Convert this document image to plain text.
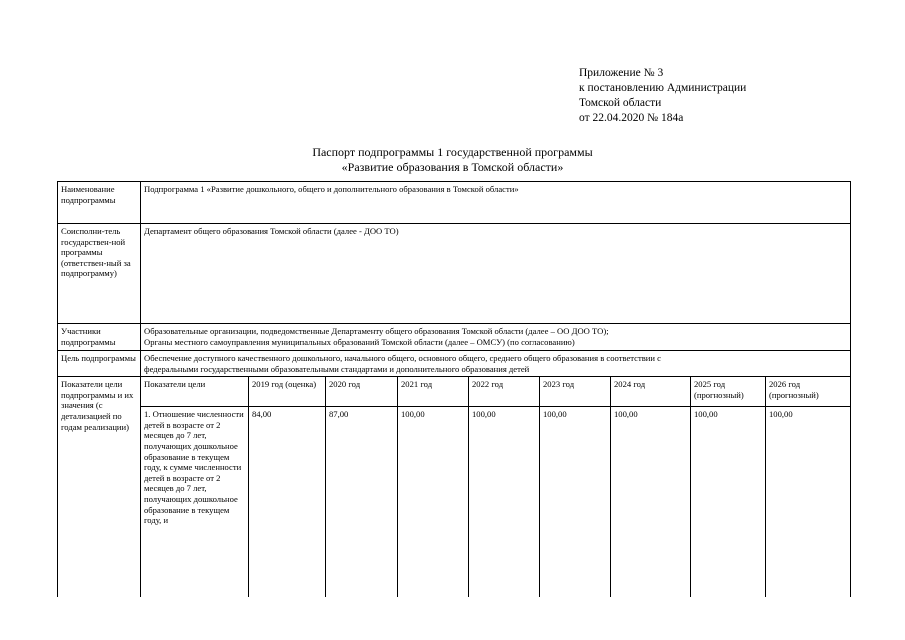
Приложение № 3
к постановлению Администрации
Томской области
от 22.04.2020 № 184а
Паспорт подпрограммы 1 государственной программы
«Развитие образования в Томской области»
Наименование подпрограммы	Подпрограмма 1 «Развитие дошкольного, общего и дополнительного образования в Томской области»								
Соисполни-тель государствен-ной программы (ответствен-ный за подпрограмму)	Департамент общего образования Томской области (далее - ДОО ТО)								
Участники подпрограммы	Образовательные организации, подведомственные Департаменту общего образования Томской области (далее – ОО ДОО ТО);
Органы местного самоуправления муниципальных образований Томской области (далее – ОМСУ) (по согласованию)								

Цель подпрограммы	Обеспечение доступного качественного дошкольного, начального общего, основного общего, среднего общего образования в соответствии с
федеральными государственными образовательными стандартами и дополнительного образования детей								

Показатели цели подпрограммы и их значения (с детализацией по годам реализации)	Показатели цели	2019 год (оценка)	2020 год	2021 год	2022 год	2023 год	2024 год	2025 год (прогнозный)	2026 год (прогнозный)
	1. Отношение численности детей в возрасте от 2 месяцев до 7 лет, получающих дошкольное образование в текущем году, к сумме численности детей в возрасте от 2 месяцев до 7 лет, получающих дошкольное образование в текущем году, и	84,00	87,00	100,00	100,00	100,00	100,00	100,00	100,00
